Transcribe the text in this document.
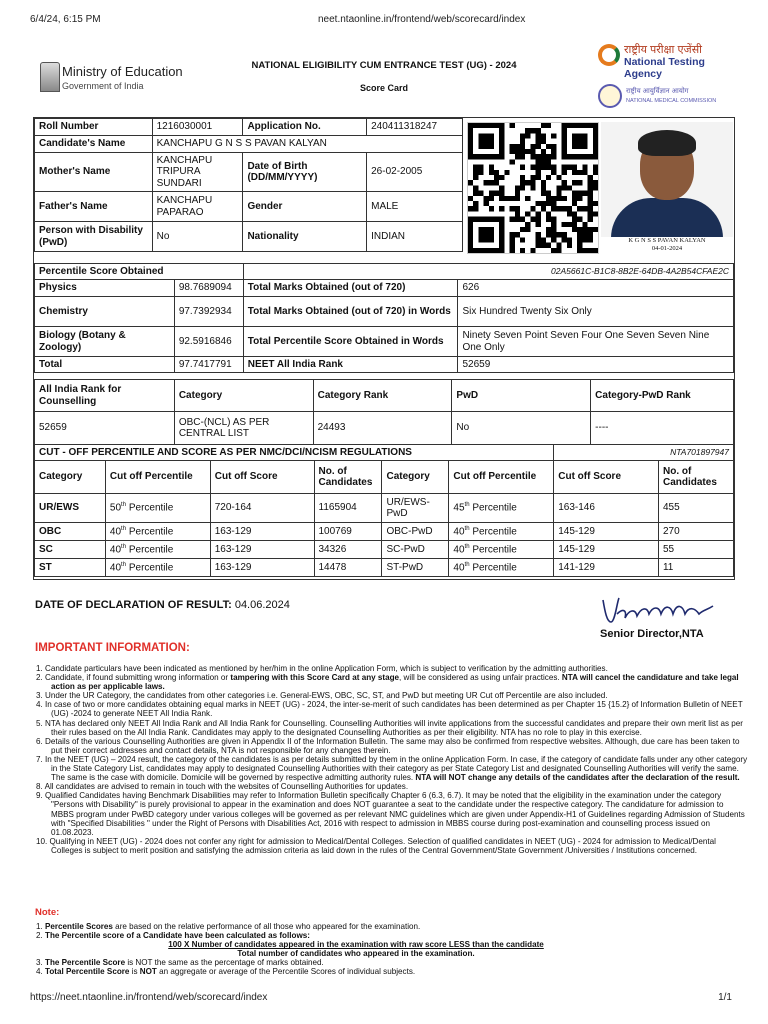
6/4/24, 6:15 PM	neet.ntaonline.in/frontend/web/scorecard/index
Ministry of Education
Government of India
NATIONAL ELIGIBILITY CUM ENTRANCE TEST (UG) - 2024
Score Card
राष्ट्रीय परीक्षा एजेंसी
National Testing Agency
राष्ट्रीय आयुर्विज्ञान आयोग
NATIONAL MEDICAL COMMISSION
Roll Number	1216030001	Application No.	240411318247
Candidate's Name	KANCHAPU G N S S PAVAN KALYAN		
Mother's Name	KANCHAPU TRIPURA SUNDARI	Date of Birth (DD/MM/YYYY)	26-02-2005
Father's Name	KANCHAPU PAPARAO	Gender	MALE
Person with Disability (PwD)	No	Nationality	INDIAN	K G N S S PAVAN KALYAN
04-01-2024
Percentile Score Obtained		02A5661C-B1C8-8B2E-64DB-4A2B54CFAE2C	
Physics	98.7689094	Total Marks Obtained (out of 720)	626
Chemistry	97.7392934	Total Marks Obtained (out of 720) in Words	Six Hundred Twenty Six Only
Biology (Botany & Zoology)	92.5916846	Total Percentile Score Obtained in Words	Ninety Seven Point Seven Four One Seven Seven Nine One Only
Total	97.7417791	NEET All India Rank	52659
All India Rank for Counselling	Category	Category Rank	PwD	Category-PwD Rank
52659	OBC-(NCL) AS PER CENTRAL LIST	24493	No	----
CUT - OFF PERCENTILE AND SCORE AS PER NMC/DCI/NCISM REGULATIONS						NTA701897947	
Category	Cut off Percentile	Cut off Score	No. of Candidates	Category	Cut off Percentile	Cut off Score	No. of Candidates
UR/EWS	50th Percentile	720-164	1165904	UR/EWS-PwD	45th Percentile	163-146	455
OBC	40th Percentile	163-129	100769	OBC-PwD	40th Percentile	145-129	270
SC	40th Percentile	163-129	34326	SC-PwD	40th Percentile	145-129	55
ST	40th Percentile	163-129	14478	ST-PwD	40th Percentile	141-129	11
DATE OF DECLARATION OF RESULT: 04.06.2024
Senior Director,NTA
IMPORTANT INFORMATION:
1. Candidate particulars have been indicated as mentioned by her/him in the online Application Form, which is subject to verification by the admitting authorities.
2. Candidate, if found submitting wrong information or tampering with this Score Card at any stage, will be considered as using unfair practices. NTA will cancel the candidature and take legal action as per applicable laws.
3. Under the UR Category, the candidates from other categories i.e. General-EWS, OBC, SC, ST, and PwD but meeting UR Cut off Percentile are also included.
4. In case of two or more candidates obtaining equal marks in NEET (UG) - 2024, the inter-se-merit of such candidates has been determined as per Chapter 15 {15.2} of Information Bulletin of NEET (UG) -2024 to generate NEET All India Rank.
5. NTA has declared only NEET All India Rank and All India Rank for Counselling. Counselling Authorities will invite applications from the successful candidates and prepare their own merit list as per their rules based on the All India Rank. Candidates may apply to the designated Counselling Authorities as per their eligibility. NTA has no role to play in this exercise.
6. Details of the various Counselling Authorities are given in Appendix II of the Information Bulletin. The same may also be confirmed from respective websites. Although, due care has been taken to put their correct addresses and contact details, NTA is not responsible for any changes therein.
7. In the NEET (UG) – 2024 result, the category of the candidates is as per details submitted by them in the online Application Form. In case, if the category of candidate falls under any other category in the State Category List, candidates may apply to designated Counselling Authorities with their category as per State Category List and designated Counselling Authorities will verify the same. The same is the case with domicile. Domicile will be governed by respective admitting authority rules. NTA will NOT change any details of the candidates after the declaration of the result.
8. All candidates are advised to remain in touch with the websites of Counselling Authorities for updates.
9. Qualified Candidates having Benchmark Disabilities may refer to Information Bulletin specifically Chapter 6 (6.3, 6.7). It may be noted that the eligibility in the examination under the category "Persons with Disability" is purely provisional to appear in the examination and does NOT guarantee a seat to the candidate under the respective category. The candidature for admission to MBBS program under PwBD category under various colleges will be governed as per relevant NMC guidelines which are given under Appendix-H1 of Guidelines regarding Admission of Students with "Specified Disabilities " under the Right of Persons with Disabilities Act, 2016 with respect to admission in MBBS course during post-examination and counselling process issued on 01.08.2023.
10. Qualifying in NEET (UG) - 2024 does not confer any right for admission to Medical/Dental Colleges. Selection of qualified candidates in NEET (UG) - 2024 for admission to Medical/Dental Colleges is subject to merit position and satisfying the admission criteria as laid down in the rules of the Central Government/State Government /Universities / Institutions concerned.
Note:
1. Percentile Scores are based on the relative performance of all those who appeared for the examination.
2. The Percentile score of a Candidate have been calculated as follows:
100 X Number of candidates appeared in the examination with raw score LESS than the candidate
Total number of candidates who appeared in the examination.
3. The Percentile Score is NOT the same as the percentage of marks obtained.
4. Total Percentile Score is NOT an aggregate or average of the Percentile Scores of individual subjects.
https://neet.ntaonline.in/frontend/web/scorecard/index	1/1
